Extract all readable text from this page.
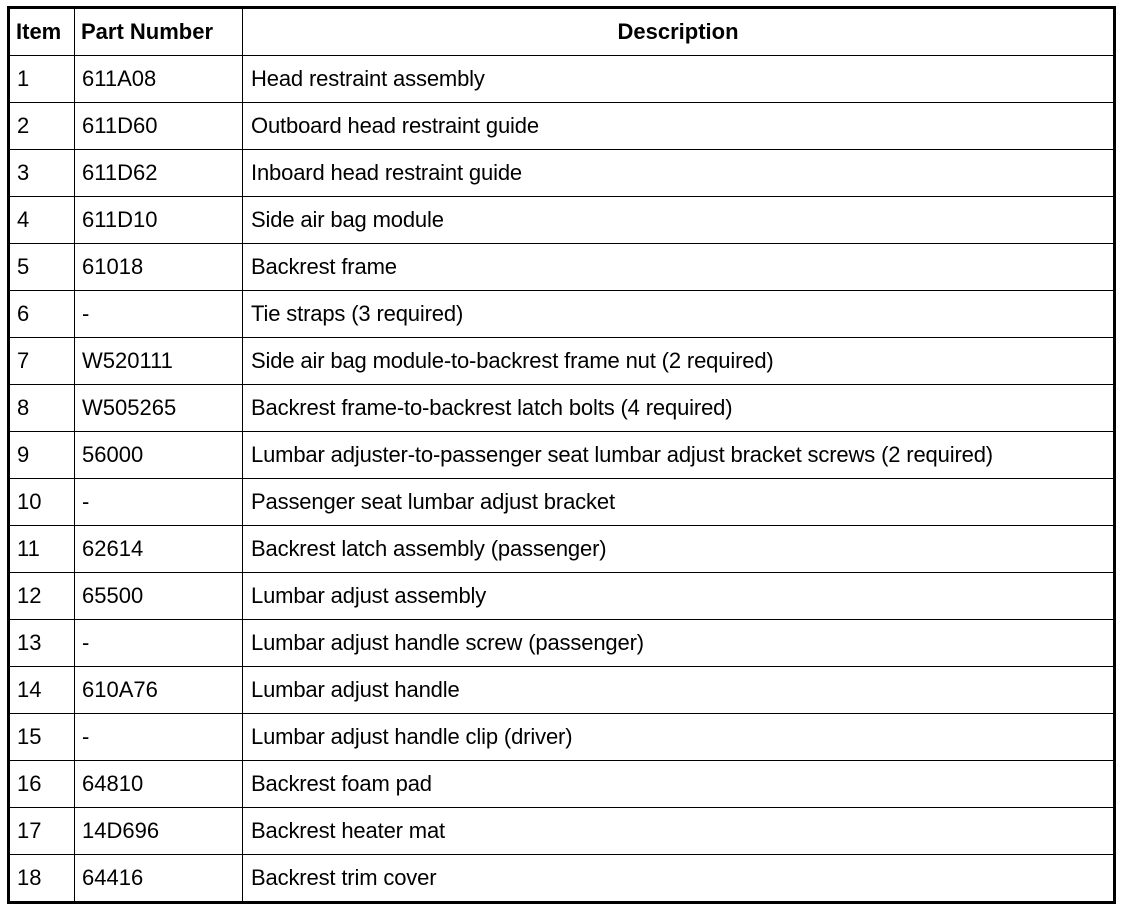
Item	Part Number	Description
1	611A08	Head restraint assembly
2	611D60	Outboard head restraint guide
3	611D62	Inboard head restraint guide
4	611D10	Side air bag module
5	61018	Backrest frame
6	-	Tie straps (3 required)
7	W520111	Side air bag module-to-backrest frame nut (2 required)
8	W505265	Backrest frame-to-backrest latch bolts (4 required)
9	56000	Lumbar adjuster-to-passenger seat lumbar adjust bracket screws (2 required)
10	-	Passenger seat lumbar adjust bracket
11	62614	Backrest latch assembly (passenger)
12	65500	Lumbar adjust assembly
13	-	Lumbar adjust handle screw (passenger)
14	610A76	Lumbar adjust handle
15	-	Lumbar adjust handle clip (driver)
16	64810	Backrest foam pad
17	14D696	Backrest heater mat
18	64416	Backrest trim cover
